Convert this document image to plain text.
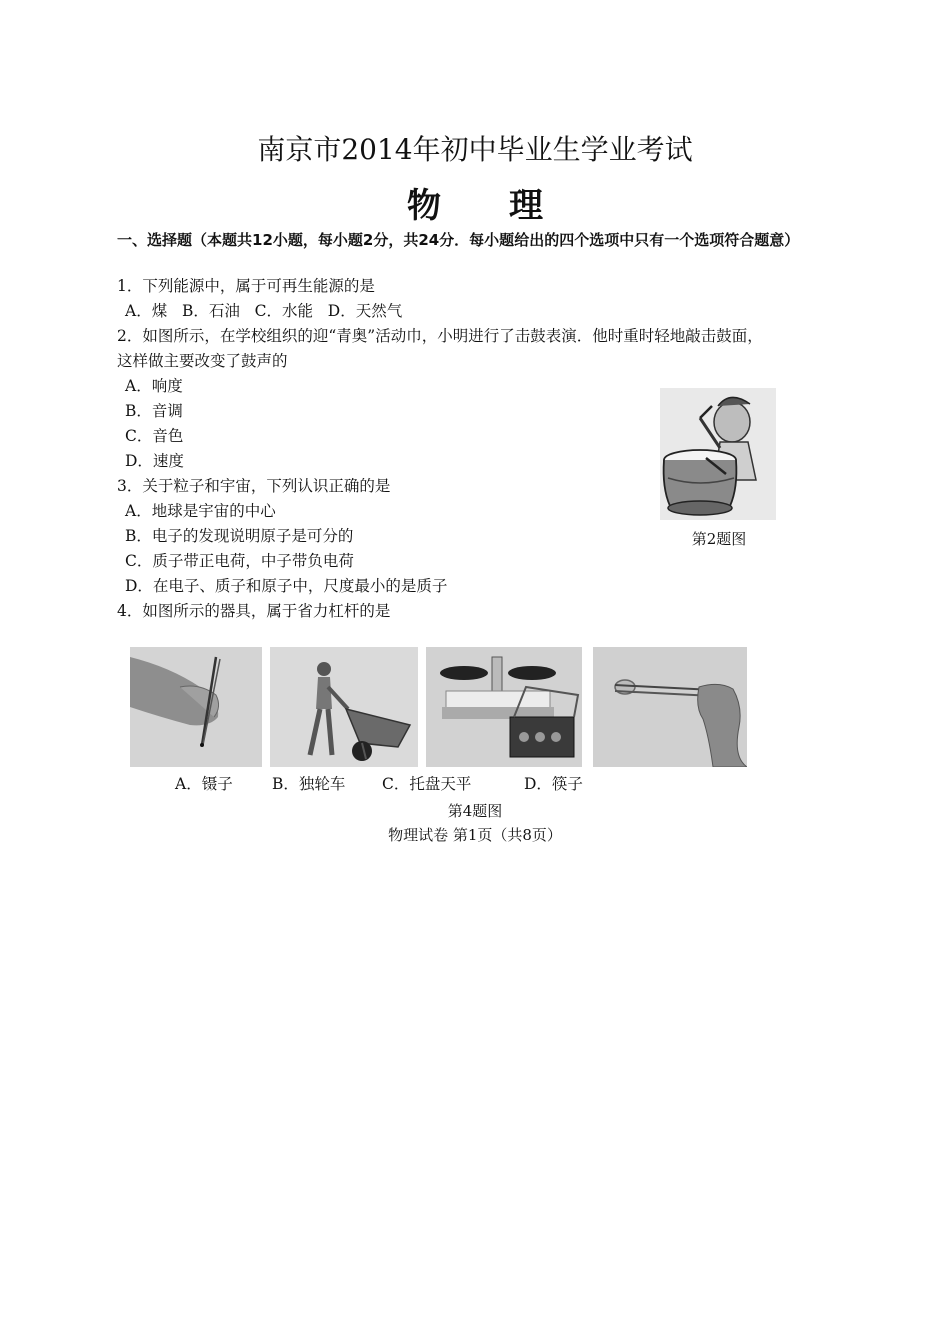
南京市2014年初中毕业生学业考试
物 理
一、选择题（本题共12小题，每小题2分，共24分．每小题给出的四个选项中只有一个选项符合题意）
1．下列能源中，属于可再生能源的是
A．煤   B．石油   C．水能   D．天然气
2．如图所示，在学校组织的迎“青奥”活动巾，小明进行了击鼓表演．他时重时轻地敲击鼓面，
这样做主要改变了鼓声的
A．响度
B．音调
C．音色
D．速度
第2题图
3．关于粒子和宇宙，下列认识正确的是
A．地球是宇宙的中心
B．电子的发现说明原子是可分的
C．质子带正电荷，中子带负电荷
D．在电子、质子和原子中，尺度最小的是质子
4．如图所示的器具，属于省力杠杆的是
A．镊子	B．独轮车 C．托盘天平	D．筷子
第4题图
物理试卷 第1页（共8页）
